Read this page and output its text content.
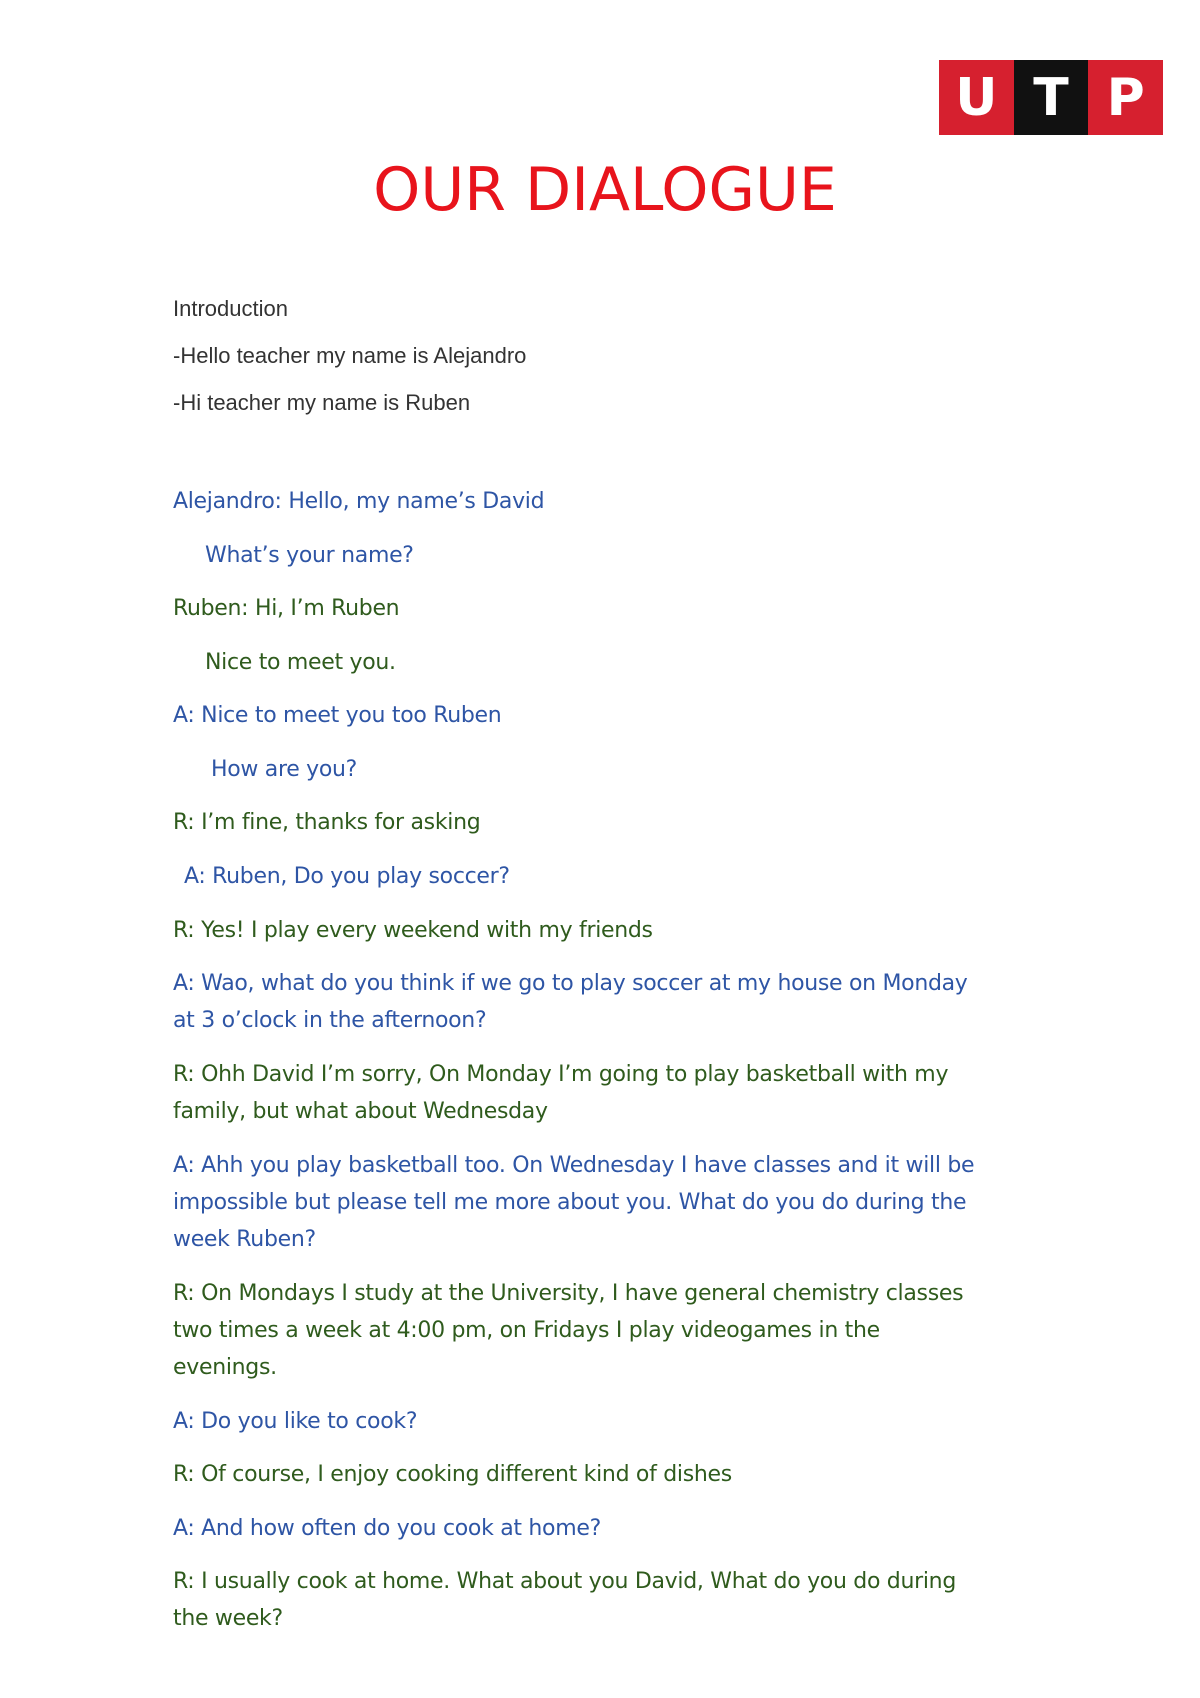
U T P
OUR DIALOGUE
Introduction
-Hello teacher my name is Alejandro
-Hi teacher my name is Ruben
Alejandro: Hello, my name’s David
What’s your name?
Ruben: Hi, I’m Ruben
Nice to meet you.
A: Nice to meet you too Ruben
How are you?
R: I’m fine, thanks for asking
A: Ruben, Do you play soccer?
R: Yes! I play every weekend with my friends
A: Wao, what do you think if we go to play soccer at my house on Monday
at 3 o’clock in the afternoon?
R: Ohh David I’m sorry, On Monday I’m going to play basketball with my
family, but what about Wednesday
A: Ahh you play basketball too. On Wednesday I have classes and it will be
impossible but please tell me more about you. What do you do during the
week Ruben?
R: On Mondays I study at the University, I have general chemistry classes
two times a week at 4:00 pm, on Fridays I play videogames in the
evenings.
A: Do you like to cook?
R: Of course, I enjoy cooking different kind of dishes
A: And how often do you cook at home?
R: I usually cook at home. What about you David, What do you do during
the week?
